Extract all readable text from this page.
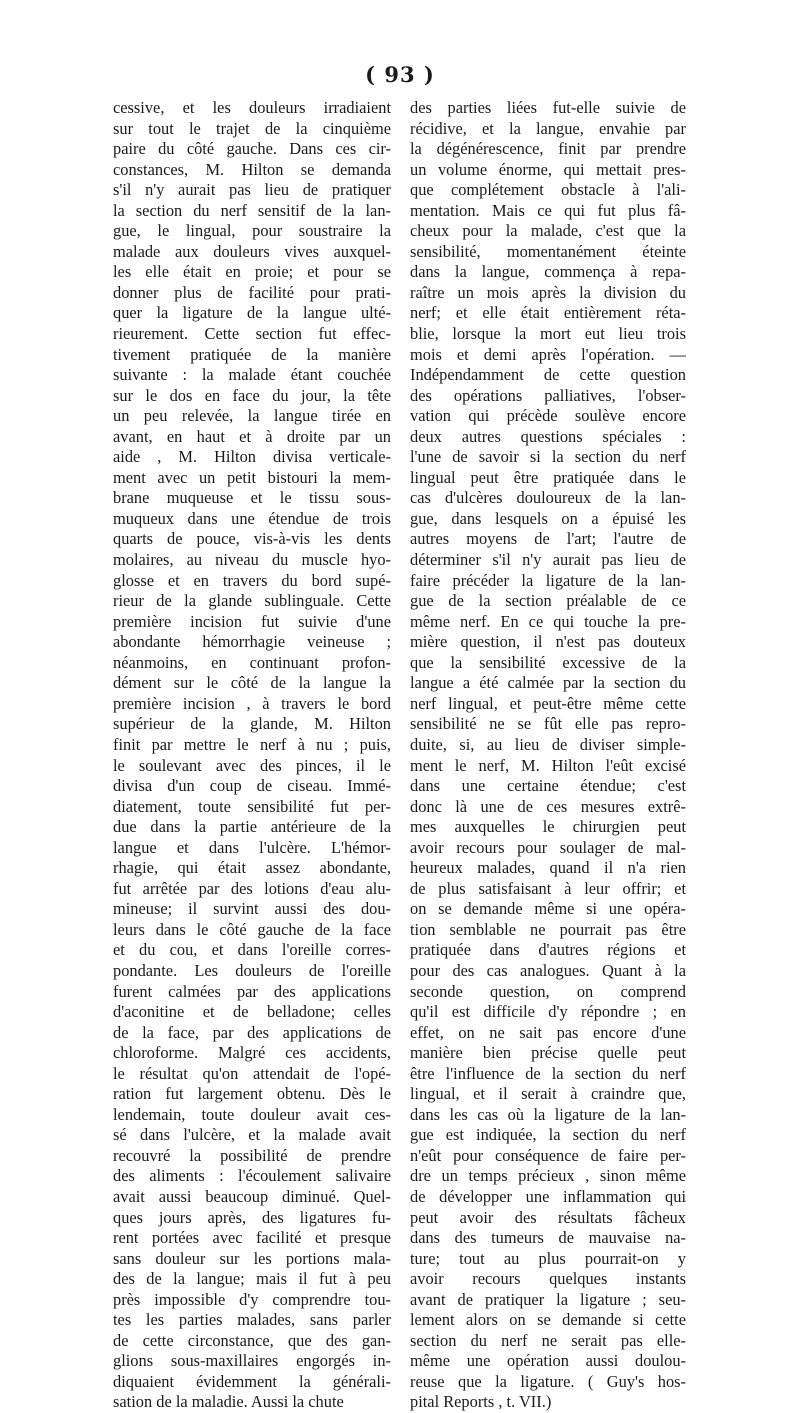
( 93 )
cessive, et les douleurs irradiaient
sur tout le trajet de la cinquième
paire du côté gauche. Dans ces cir-
constances, M. Hilton se demanda
s'il n'y aurait pas lieu de pratiquer
la section du nerf sensitif de la lan-
gue, le lingual, pour soustraire la
malade aux douleurs vives auxquel-
les elle était en proie; et pour se
donner plus de facilité pour prati-
quer la ligature de la langue ulté-
rieurement. Cette section fut effec-
tivement pratiquée de la manière
suivante : la malade étant couchée
sur le dos en face du jour, la tête
un peu relevée, la langue tirée en
avant, en haut et à droite par un
aide , M. Hilton divisa verticale-
ment avec un petit bistouri la mem-
brane muqueuse et le tissu sous-
muqueux dans une étendue de trois
quarts de pouce, vis-à-vis les dents
molaires, au niveau du muscle hyo-
glosse et en travers du bord supé-
rieur de la glande sublinguale. Cette
première incision fut suivie d'une
abondante hémorrhagie veineuse ;
néanmoins, en continuant profon-
dément sur le côté de la langue la
première incision , à travers le bord
supérieur de la glande, M. Hilton
finit par mettre le nerf à nu ; puis,
le soulevant avec des pinces, il le
divisa d'un coup de ciseau. Immé-
diatement, toute sensibilité fut per-
due dans la partie antérieure de la
langue et dans l'ulcère. L'hémor-
rhagie, qui était assez abondante,
fut arrêtée par des lotions d'eau alu-
mineuse; il survint aussi des dou-
leurs dans le côté gauche de la face
et du cou, et dans l'oreille corres-
pondante. Les douleurs de l'oreille
furent calmées par des applications
d'aconitine et de belladone; celles
de la face, par des applications de
chloroforme. Malgré ces accidents,
le résultat qu'on attendait de l'opé-
ration fut largement obtenu. Dès le
lendemain, toute douleur avait ces-
sé dans l'ulcère, et la malade avait
recouvré la possibilité de prendre
des aliments : l'écoulement salivaire
avait aussi beaucoup diminué. Quel-
ques jours après, des ligatures fu-
rent portées avec facilité et presque
sans douleur sur les portions mala-
des de la langue; mais il fut à peu
près impossible d'y comprendre tou-
tes les parties malades, sans parler
de cette circonstance, que des gan-
glions sous-maxillaires engorgés in-
diquaient évidemment la générali-
sation de la maladie. Aussi la chute
des parties liées fut-elle suivie de
récidive, et la langue, envahie par
la dégénérescence, finit par prendre
un volume énorme, qui mettait pres-
que complétement obstacle à l'ali-
mentation. Mais ce qui fut plus fâ-
cheux pour la malade, c'est que la
sensibilité, momentanément éteinte
dans la langue, commença à repa-
raître un mois après la division du
nerf; et elle était entièrement réta-
blie, lorsque la mort eut lieu trois
mois et demi après l'opération. —
Indépendamment de cette question
des opérations palliatives, l'obser-
vation qui précède soulève encore
deux autres questions spéciales :
l'une de savoir si la section du nerf
lingual peut être pratiquée dans le
cas d'ulcères douloureux de la lan-
gue, dans lesquels on a épuisé les
autres moyens de l'art; l'autre de
déterminer s'il n'y aurait pas lieu de
faire précéder la ligature de la lan-
gue de la section préalable de ce
même nerf. En ce qui touche la pre-
mière question, il n'est pas douteux
que la sensibilité excessive de la
langue a été calmée par la section du
nerf lingual, et peut-être même cette
sensibilité ne se fût elle pas repro-
duite, si, au lieu de diviser simple-
ment le nerf, M. Hilton l'eût excisé
dans une certaine étendue; c'est
donc là une de ces mesures extrê-
mes auxquelles le chirurgien peut
avoir recours pour soulager de mal-
heureux malades, quand il n'a rien
de plus satisfaisant à leur offrir; et
on se demande même si une opéra-
tion semblable ne pourrait pas être
pratiquée dans d'autres régions et
pour des cas analogues. Quant à la
seconde question, on comprend
qu'il est difficile d'y répondre ; en
effet, on ne sait pas encore d'une
manière bien précise quelle peut
être l'influence de la section du nerf
lingual, et il serait à craindre que,
dans les cas où la ligature de la lan-
gue est indiquée, la section du nerf
n'eût pour conséquence de faire per-
dre un temps précieux , sinon même
de développer une inflammation qui
peut avoir des résultats fâcheux
dans des tumeurs de mauvaise na-
ture; tout au plus pourrait-on y
avoir recours quelques instants
avant de pratiquer la ligature ; seu-
lement alors on se demande si cette
section du nerf ne serait pas elle-
même une opération aussi doulou-
reuse que la ligature. ( Guy's hos-
pital Reports , t. VII.)
